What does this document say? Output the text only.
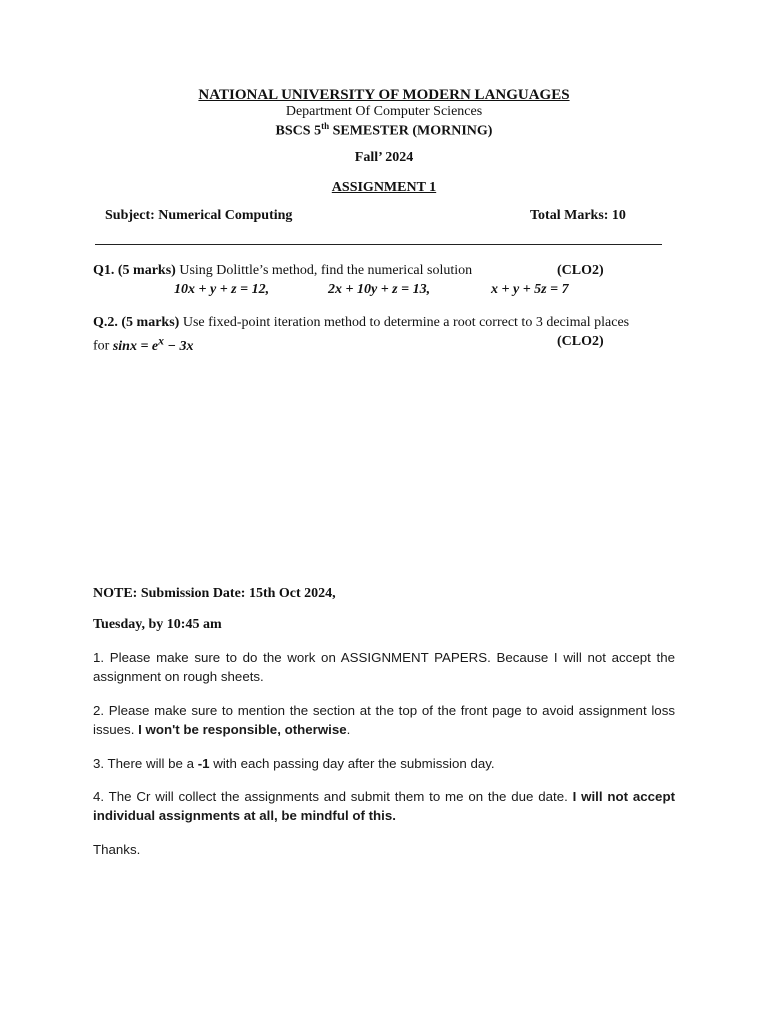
NATIONAL UNIVERSITY OF MODERN LANGUAGES
Department Of Computer Sciences
BSCS 5th SEMESTER (MORNING)
Fall’ 2024
ASSIGNMENT 1
Subject: Numerical Computing	Total Marks: 10
Q1. (5 marks) Using Dolittle’s method, find the numerical solution	(CLO2)
10x + y + z = 12,	2x + 10y + z = 13,	x + y + 5z = 7
Q.2. (5 marks) Use fixed-point iteration method to determine a root correct to 3 decimal places
for $\sin x = e^x - 3x$	(CLO2)
NOTE: Submission Date: 15th Oct 2024,
Tuesday, by 10:45 am
1. Please make sure to do the work on ASSIGNMENT PAPERS. Because I will not accept the assignment on rough sheets.
2. Please make sure to mention the section at the top of the front page to avoid assignment loss issues. I won't be responsible, otherwise.
3. There will be a -1 with each passing day after the submission day.
4. The Cr will collect the assignments and submit them to me on the due date. I will not accept individual assignments at all, be mindful of this.
Thanks.
